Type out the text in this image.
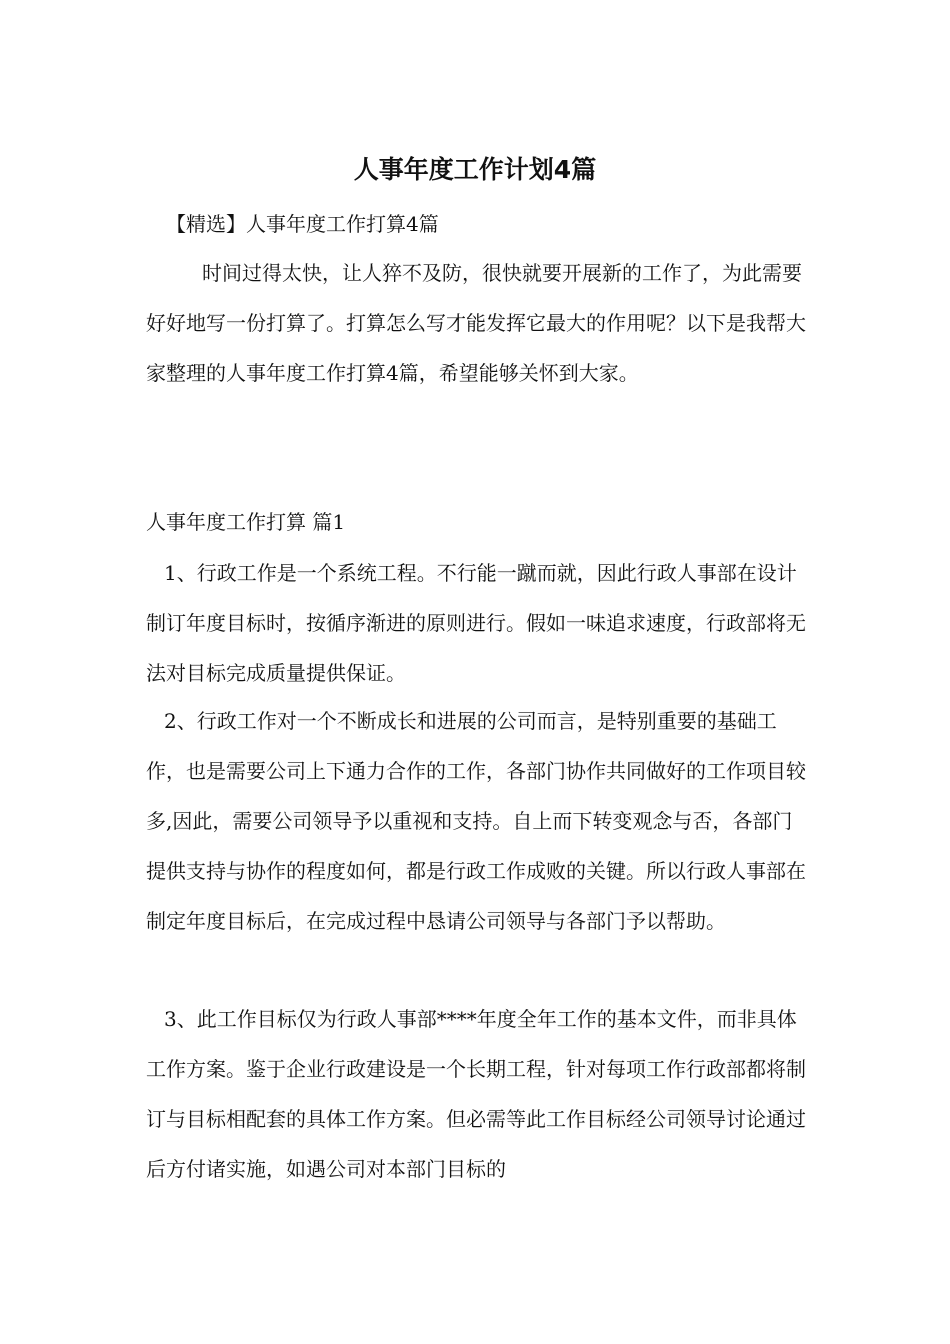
人事年度工作计划4篇

【精选】人事年度工作打算4篇

时间过得太快，让人猝不及防，很快就要开展新的工作了，为此需要好好地写一份打算了。打算怎么写才能发挥它最大的作用呢？以下是我帮大家整理的人事年度工作打算4篇，希望能够关怀到大家。

人事年度工作打算 篇1

1、行政工作是一个系统工程。不行能一蹴而就，因此行政人事部在设计制订年度目标时，按循序渐进的原则进行。假如一味追求速度，行政部将无法对目标完成质量提供保证。

2、行政工作对一个不断成长和进展的公司而言，是特别重要的基础工作，也是需要公司上下通力合作的工作，各部门协作共同做好的工作项目较多,因此，需要公司领导予以重视和支持。自上而下转变观念与否，各部门提供支持与协作的程度如何，都是行政工作成败的关键。所以行政人事部在制定年度目标后，在完成过程中恳请公司领导与各部门予以帮助。

3、此工作目标仅为行政人事部****年度全年工作的基本文件，而非具体工作方案。鉴于企业行政建设是一个长期工程，针对每项工作行政部都将制订与目标相配套的具体工作方案。但必需等此工作目标经公司领导讨论通过后方付诸实施，如遇公司对本部门目标的
